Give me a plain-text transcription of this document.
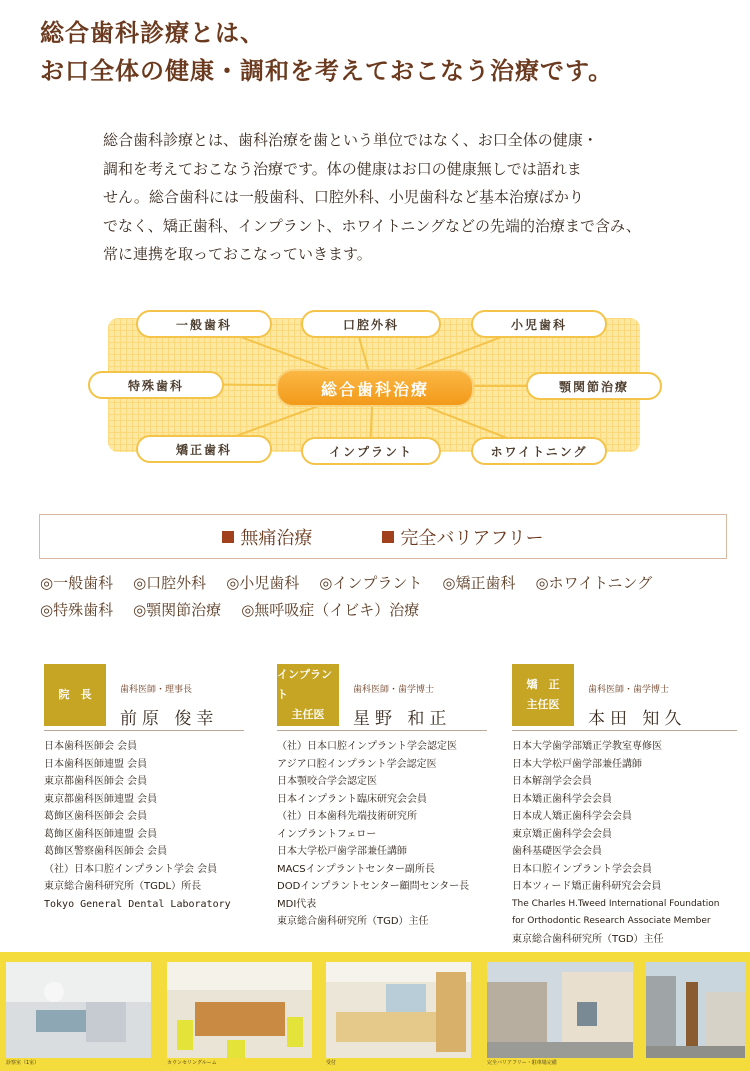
総合歯科診療とは、
お口全体の健康・調和を考えておこなう治療です。
総合歯科診療とは、歯科治療を歯という単位ではなく、お口全体の健康・
調和を考えておこなう治療です。体の健康はお口の健康無しでは語れま
せん。総合歯科には一般歯科、口腔外科、小児歯科など基本治療ばかり
でなく、矯正歯科、インプラント、ホワイトニングなどの先端的治療まで含み、
常に連携を取っておこなっていきます。
一般歯科	口腔外科	小児歯科
特殊歯科	顎関節治療
矯正歯科	インプラント	ホワイトニング
総合歯科治療
無痛治療	完全バリアフリー
◎一般歯科 ◎口腔外科 ◎小児歯科 ◎インプラント ◎矯正歯科 ◎ホワイトニング
◎特殊歯科 ◎顎関節治療 ◎無呼吸症（イビキ）治療
院　長	歯科医師・理事長
前原 俊幸
日本歯科医師会 会員
日本歯科医師連盟 会員
東京都歯科医師会 会員
東京都歯科医師連盟 会員
葛飾区歯科医師会 会員
葛飾区歯科医師連盟 会員
葛飾区警察歯科医師会 会員
（社）日本口腔インプラント学会 会員
東京総合歯科研究所（TGDL）所長
Tokyo General Dental Laboratory
インプラント
主任医
歯科医師・歯学博士
星野 和正
（社）日本口腔インプラント学会認定医
アジア口腔インプラント学会認定医
日本顎咬合学会認定医
日本インプラント臨床研究会会員
（社）日本歯科先端技術研究所
インプラントフェロー
日本大学松戸歯学部兼任講師
MACSインプラントセンター副所長
DODインプラントセンター顧問センター長
MDI代表
東京総合歯科研究所（TGD）主任
矯　正
主任医
歯科医師・歯学博士
本田 知久
日本大学歯学部矯正学教室専修医
日本大学松戸歯学部兼任講師
日本解剖学会会員
日本矯正歯科学会会員
日本成人矯正歯科学会会員
東京矯正歯科学会会員
歯科基礎医学会会員
日本口腔インプラント学会会員
日本ツィード矯正歯科研究会会員
The Charles H.Tweed International Foundation
for Orthodontic Research Associate Member
東京総合歯科研究所（TGD）主任
診察室（1室）	カウンセリングルーム	受付	完全バリアフリー・駐車場完備
